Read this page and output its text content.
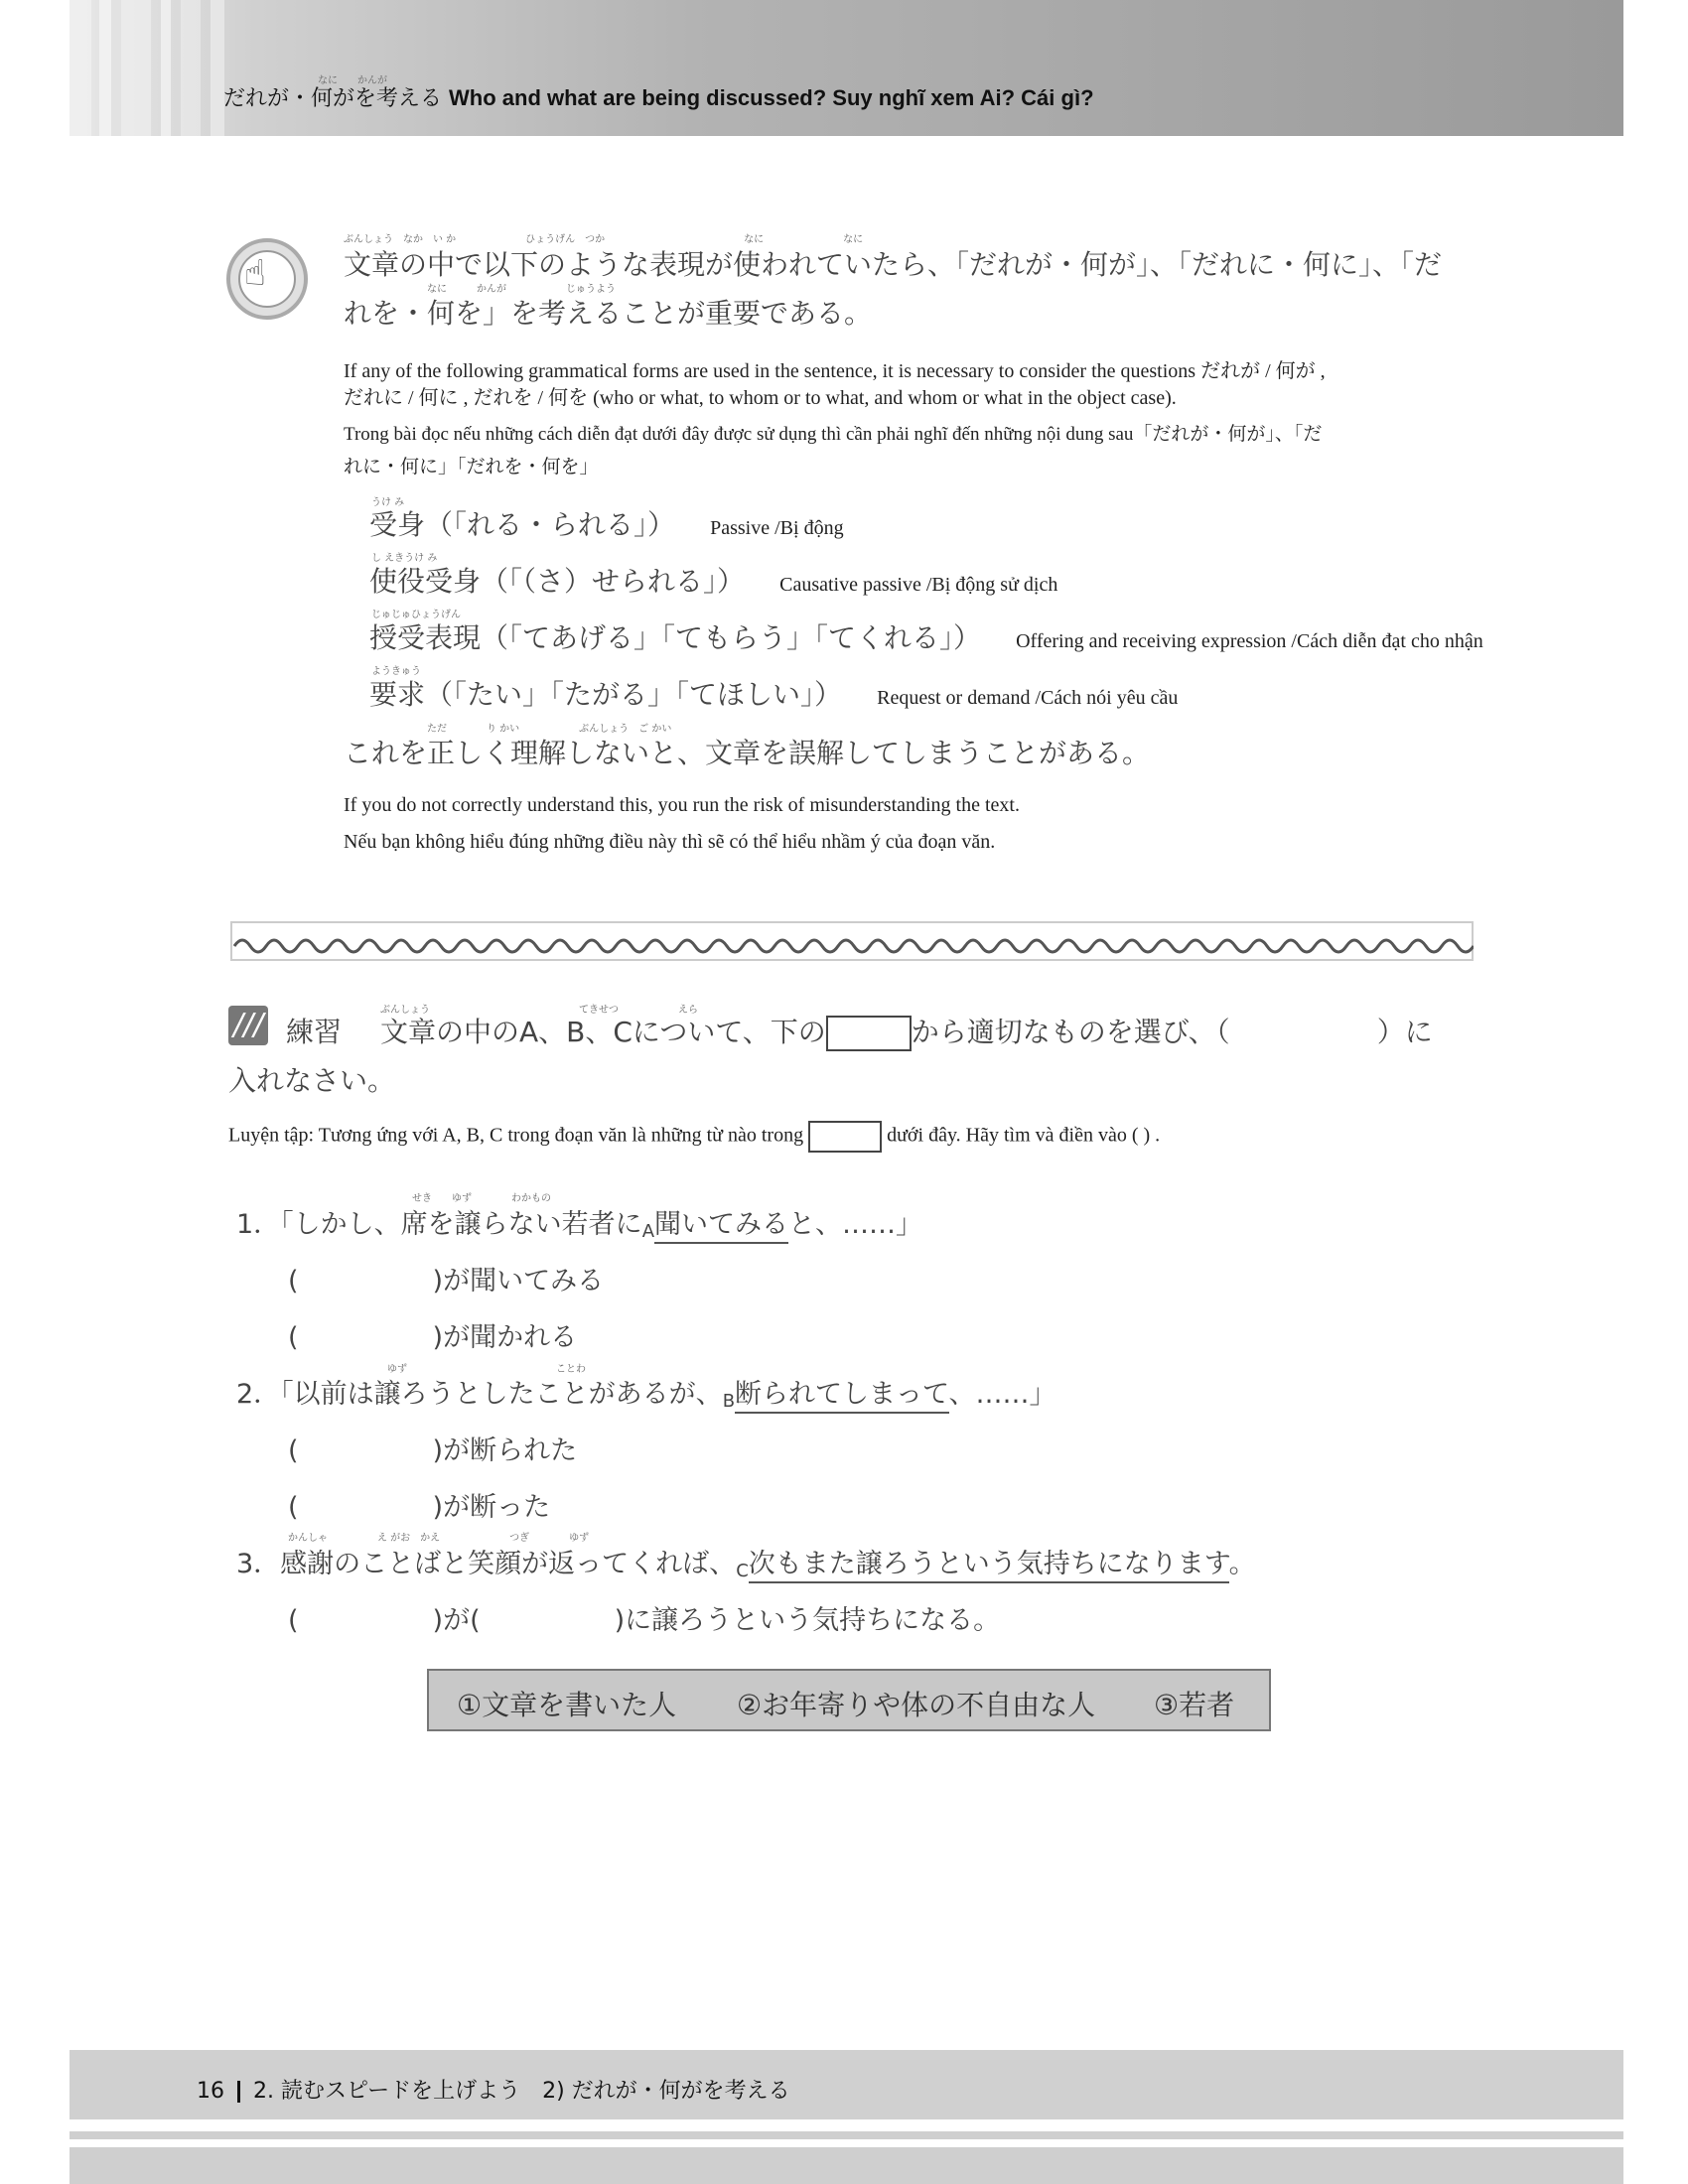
なに　　かんが
だれが・何がを考える Who and what are being discussed? Suy nghĩ xem Ai? Cái gì?
☝
ぶんしょう　なか　い か　　　　　　　ひょうげん　つか　　　　　　　　　　　　　　なに　　　　　　　　なに
文章の中で以下のような表現が使われていたら、「だれが・何が」、「だれに・何に」、「だ
なに　　　かんが　　　　　　じゅうよう
れを・何を」を考えることが重要である。
If any of the following grammatical forms are used in the sentence, it is necessary to consider the questions だれが / 何が ,
だれに / 何に , だれを / 何を (who or what, to whom or to what, and whom or what in the object case).
Trong bài đọc nếu những cách diễn đạt dưới đây được sử dụng thì cần phải nghĩ đến những nội dung sau「だれが・何が」、「だ
れに・何に」「だれを・何を」
うけ み
受身（「れる・られる」） Passive /Bị động
し えきうけ み
使役受身（「（さ）せられる」） Causative passive /Bị động sử dịch
じゅじゅひょうげん
授受表現（「てあげる」「てもらう」「てくれる」） Offering and receiving expression /Cách diễn đạt cho nhận
ようきゅう
要求（「たい」「たがる」「てほしい」） Request or demand /Cách nói yêu cầu
ただ　　　　り かい　　　　　　ぶんしょう　ご かい
これを正しく理解しないと、文章を誤解してしまうことがある。
If you do not correctly understand this, you run the risk of misunderstanding the text.
Nếu bạn không hiểu đúng những điều này thì sẽ có thể hiểu nhầm ý của đoạn văn.
/// 練習
ぶんしょう　　　　　　　　　　　　　　　てきせつ　　　　　　えら
文章の中のA、B、Cについて、下の	から適切なものを選び、（	）に
入れなさい。
Luyện tập: Tương ứng với A, B, C trong đoạn văn là những từ nào trong	dưới đây. Hãy tìm và điền vào ( ) .
せき　　ゆず　　　　わかもの
1．「しかし、席を譲らない若者に$_A$聞いてみると、……」
(　　　　　)が聞いてみる
(　　　　　)が聞かれる
ゆず　　　　　　　　　　　　　　　ことわ
2．「以前は譲ろうとしたことがあるが、$_B$断られてしまって、……」
(　　　　　)が断られた
(　　　　　)が断った
かんしゃ　　　　　え がお　かえ　　　　　　　つぎ　　　　ゆず
3．感謝のことばと笑顔が返ってくれば、$_C$次もまた譲ろうという気持ちになります。
(　　　　　)が(　　　　　)に譲ろうという気持ちになる。
①文章を書いた人 ②お年寄りや体の不自由な人 ③若者
16 2. 読むスピードを上げよう　2) だれが・何がを考える
